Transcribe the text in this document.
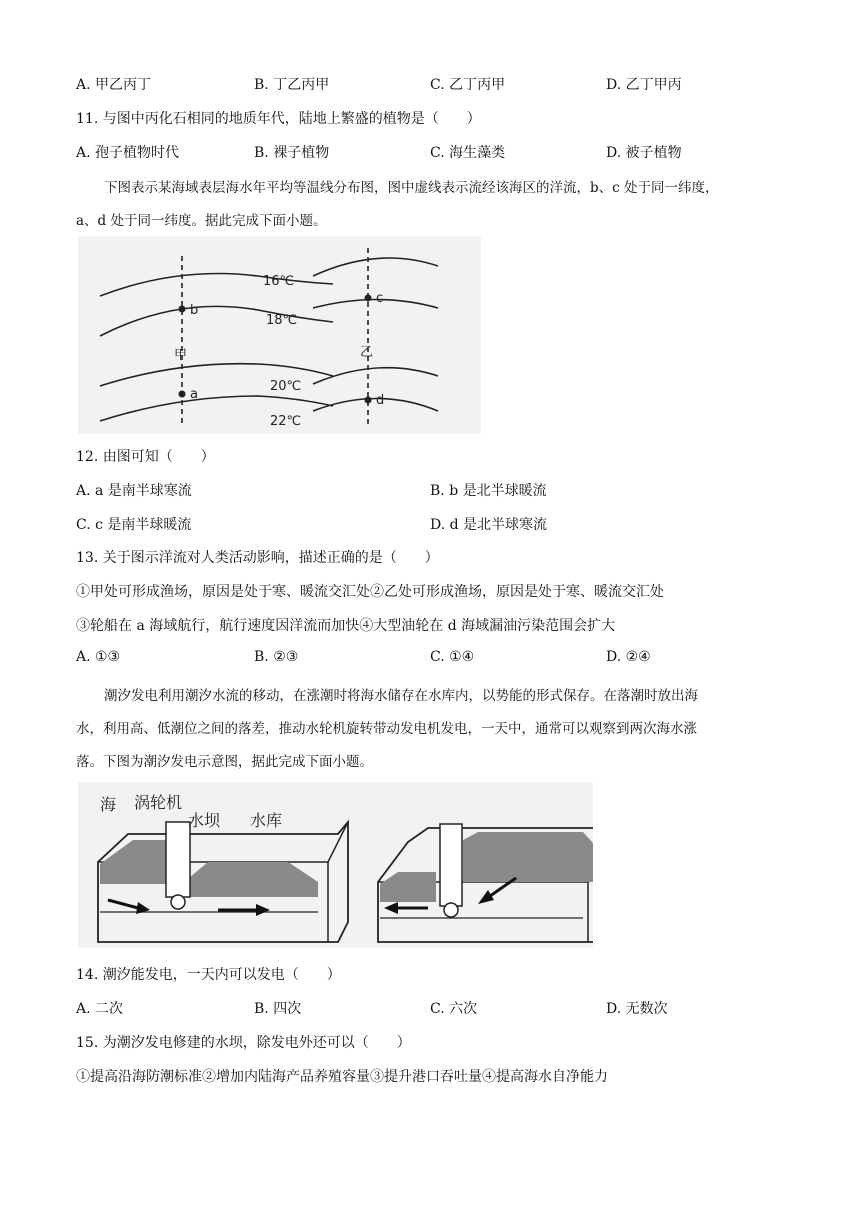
A. 甲乙丙丁	B. 丁乙丙甲	C. 乙丁丙甲	D. 乙丁甲丙
11. 与图中丙化石相同的地质年代，陆地上繁盛的植物是（　　）
A. 孢子植物时代	B. 裸子植物	C. 海生藻类	D. 被子植物
下图表示某海域表层海水年平均等温线分布图，图中虚线表示流经该海区的洋流，b、c 处于同一纬度，
a、d 处于同一纬度。据此完成下面小题。
16℃
18℃
20℃
22℃
b
a
c
d
甲	乙
12. 由图可知（　　）
A. a 是南半球寒流	B. b 是北半球暖流
C. c 是南半球暖流	D. d 是北半球寒流
13. 关于图示洋流对人类活动影响，描述正确的是（　　）
①甲处可形成渔场，原因是处于寒、暖流交汇处②乙处可形成渔场，原因是处于寒、暖流交汇处
③轮船在 a 海域航行，航行速度因洋流而加快④大型油轮在 d 海域漏油污染范围会扩大
A. ①③	B. ②③	C. ①④	D. ②④
潮汐发电利用潮汐水流的移动，在涨潮时将海水储存在水库内，以势能的形式保存。在落潮时放出海
水，利用高、低潮位之间的落差，推动水轮机旋转带动发电机发电，一天中，通常可以观察到两次海水涨
落。下图为潮汐发电示意图，据此完成下面小题。
海 涡轮机
水坝 水库
14. 潮汐能发电，一天内可以发电（　　）
A. 二次	B. 四次	C. 六次	D. 无数次
15. 为潮汐发电修建的水坝，除发电外还可以（　　）
①提高沿海防潮标准②增加内陆海产品养殖容量③提升港口吞吐量④提高海水自净能力
